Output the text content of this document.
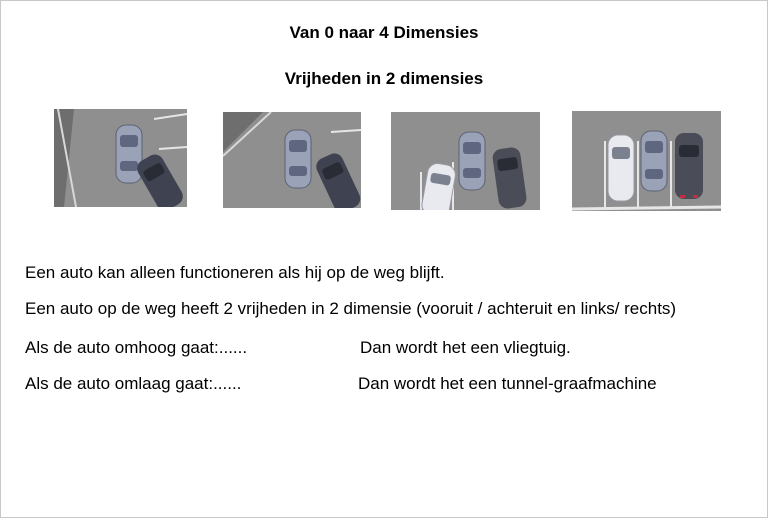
Van 0 naar 4 Dimensies
Vrijheden in 2 dimensies
Een auto kan alleen functioneren als hij op de weg blijft.
Een auto op de weg heeft 2 vrijheden in 2 dimensie (vooruit / achteruit en links/ rechts)
Als de auto omhoog gaat:......	Dan wordt het een vliegtuig.
Als de auto omlaag gaat:......	Dan wordt het een tunnel-graafmachine
